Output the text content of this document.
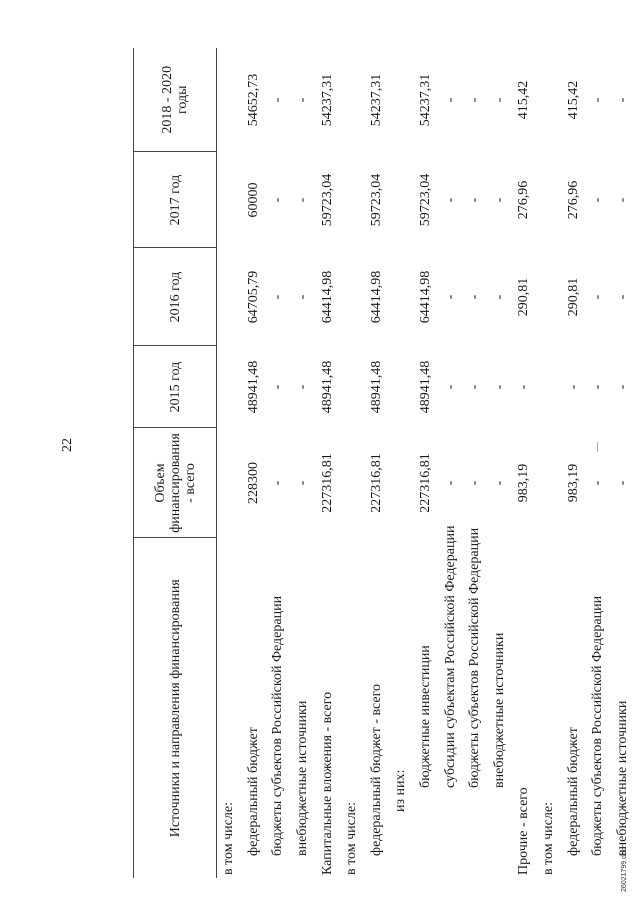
22
Источники и направления финансирования	Объем финансирования - всего	2015 год	2016 год	2017 год	2018 - 2020 годы
в том числе:					
федеральный бюджет	228300	48941,48	64705,79	60000	54652,73
бюджеты субъектов Российской Федерации	-	-	-	-	-
внебюджетные источники	-	-	-	-	-
Капитальные вложения - всего	227316,81	48941,48	64414,98	59723,04	54237,31
в том числе:					
федеральный бюджет - всего	227316,81	48941,48	64414,98	59723,04	54237,31
из них:					
бюджетные инвестиции	227316,81	48941,48	64414,98	59723,04	54237,31
субсидии субъектам Российской Федерации	-	-	-	-	-
бюджеты субъектов Российской Федерации	-	-	-	-	-
внебюджетные источники	-	-	-	-	-
Прочие - всего	983,19	-	290,81	276,96	415,42
в том числе:					
федеральный бюджет	983,19	-	290,81	276,96	415,42
бюджеты субъектов Российской Федерации	-	-	-	-	-
внебюджетные источники	-	-	-	-	-
26021799.doc
